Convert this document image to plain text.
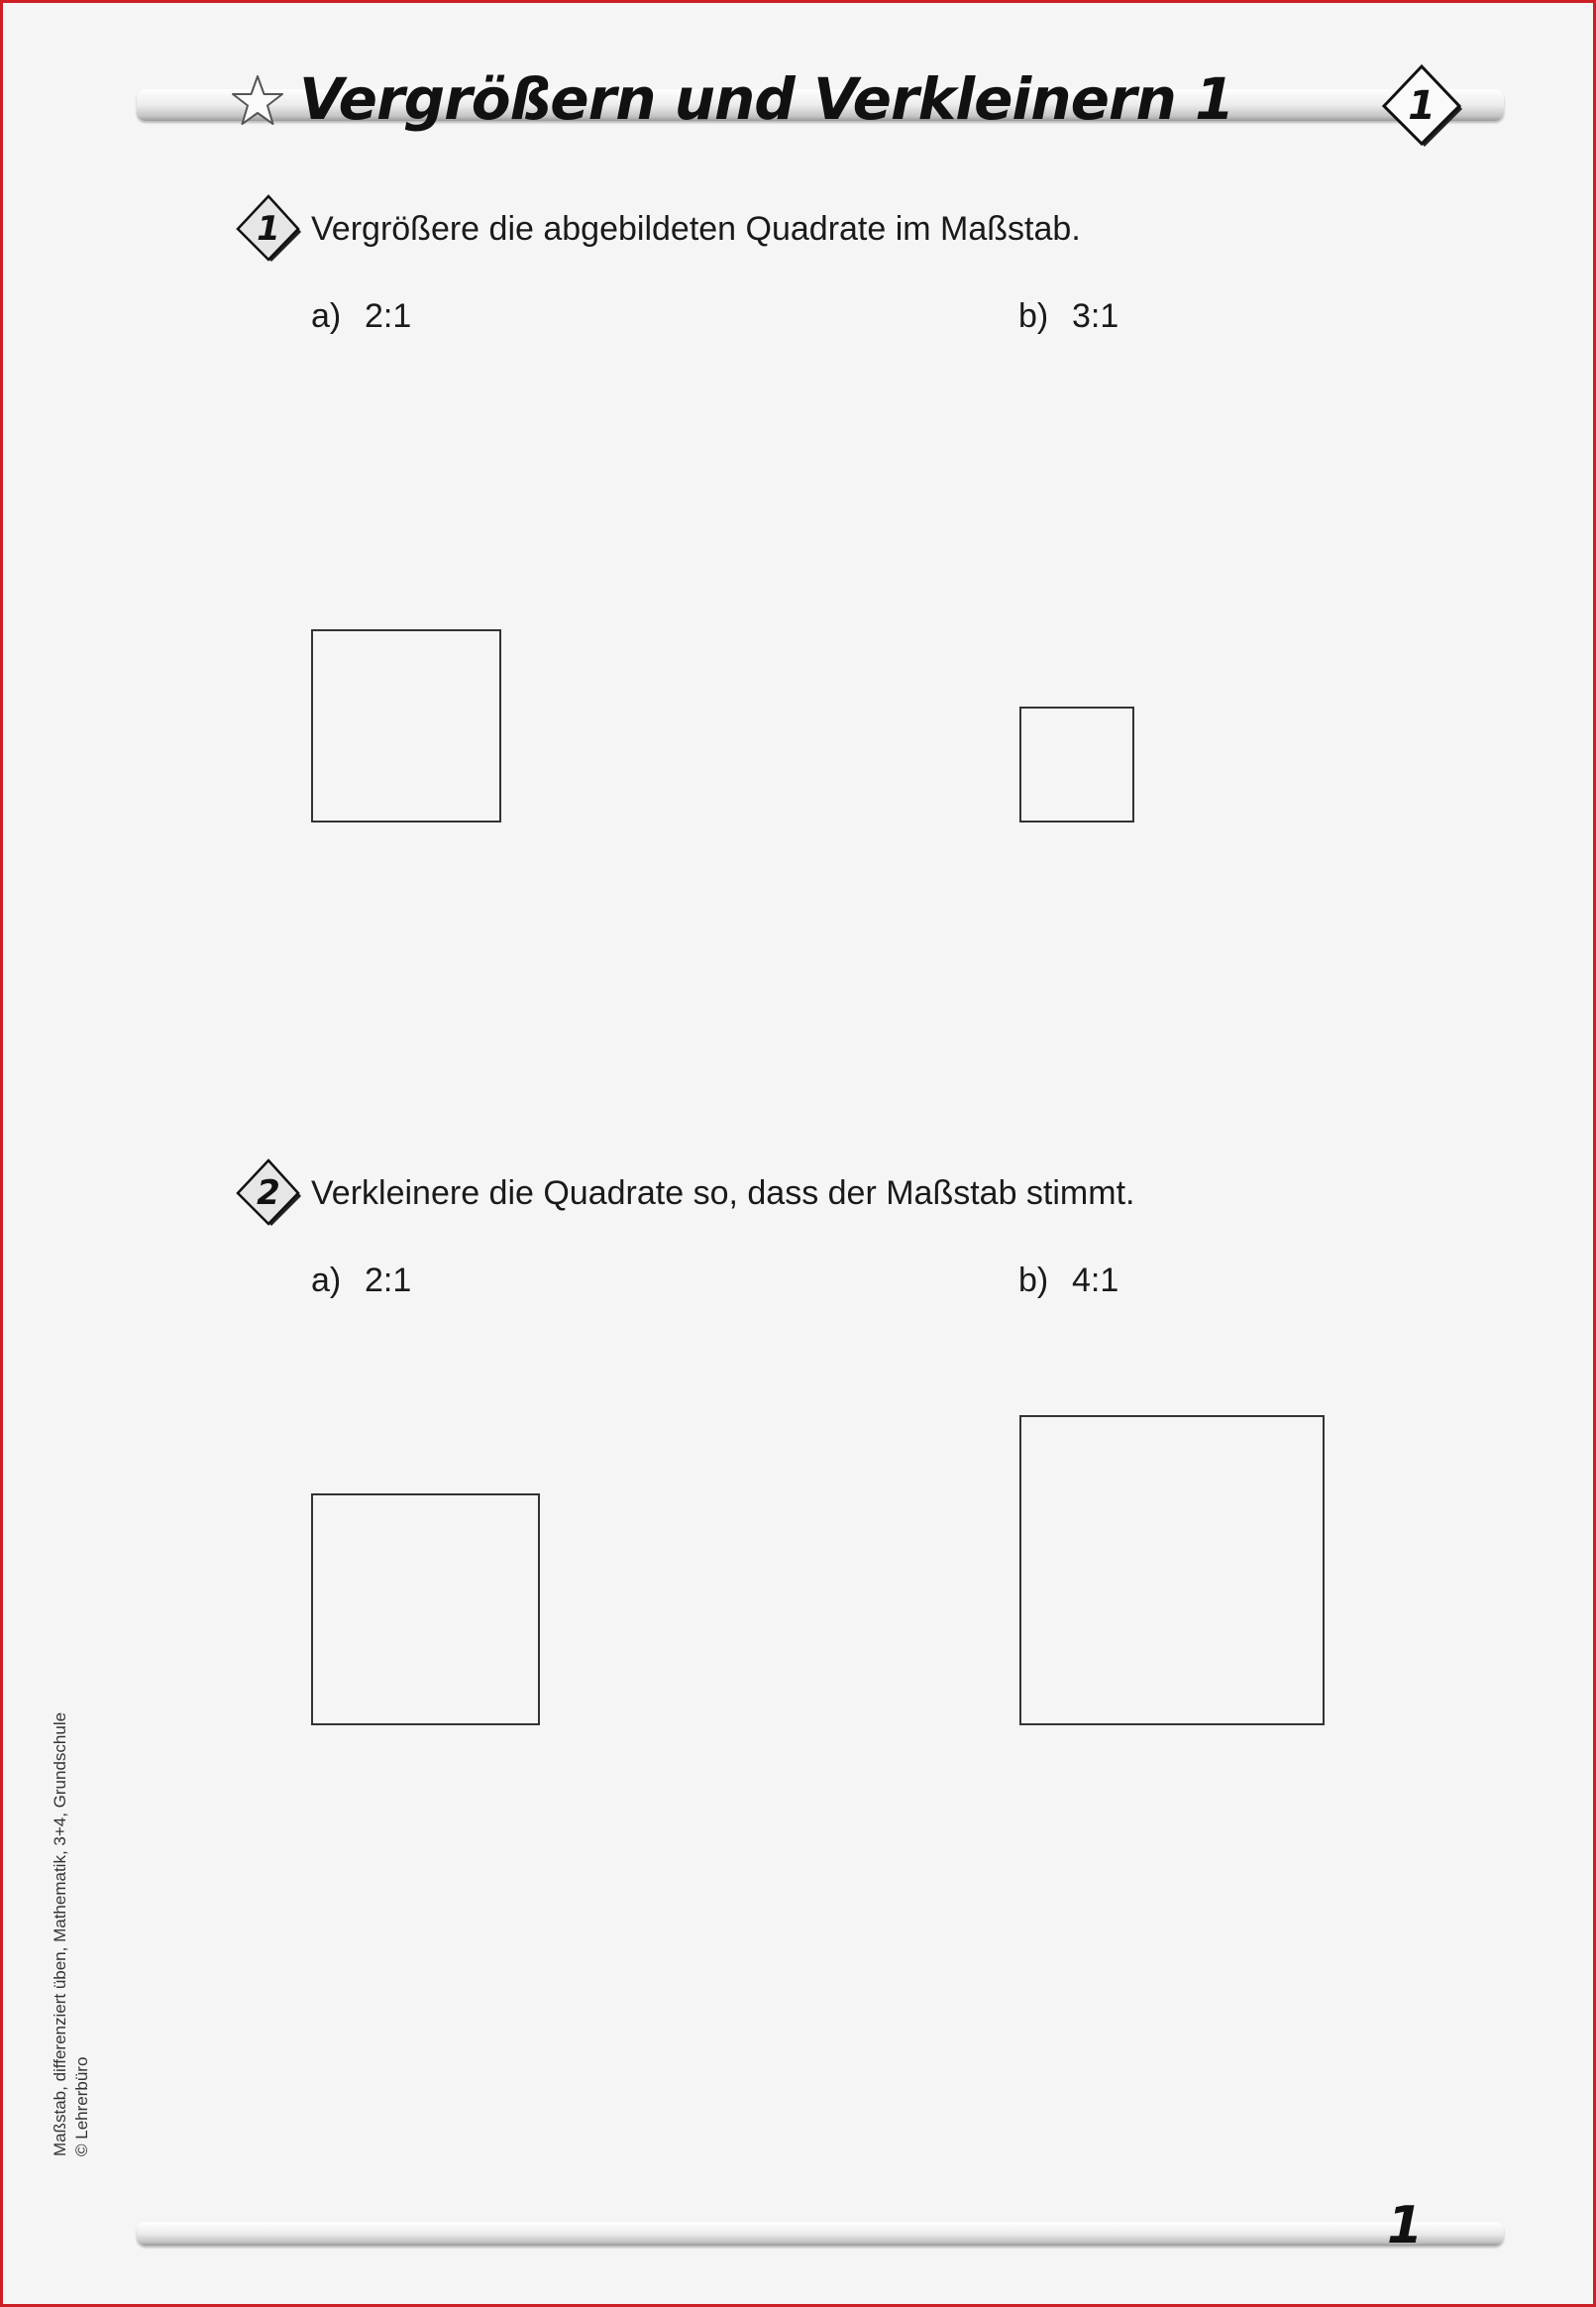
Vergrößern und Verkleinern 1	1
1 Vergrößere die abgebildeten Quadrate im Maßstab.
a) 2:1	b) 3:1
2 Verkleinere die Quadrate so, dass der Maßstab stimmt.
a) 2:1	b) 4:1
Maßstab, differenziert üben, Mathematik, 3+4, Grundschule © Lehrerbüro
1
